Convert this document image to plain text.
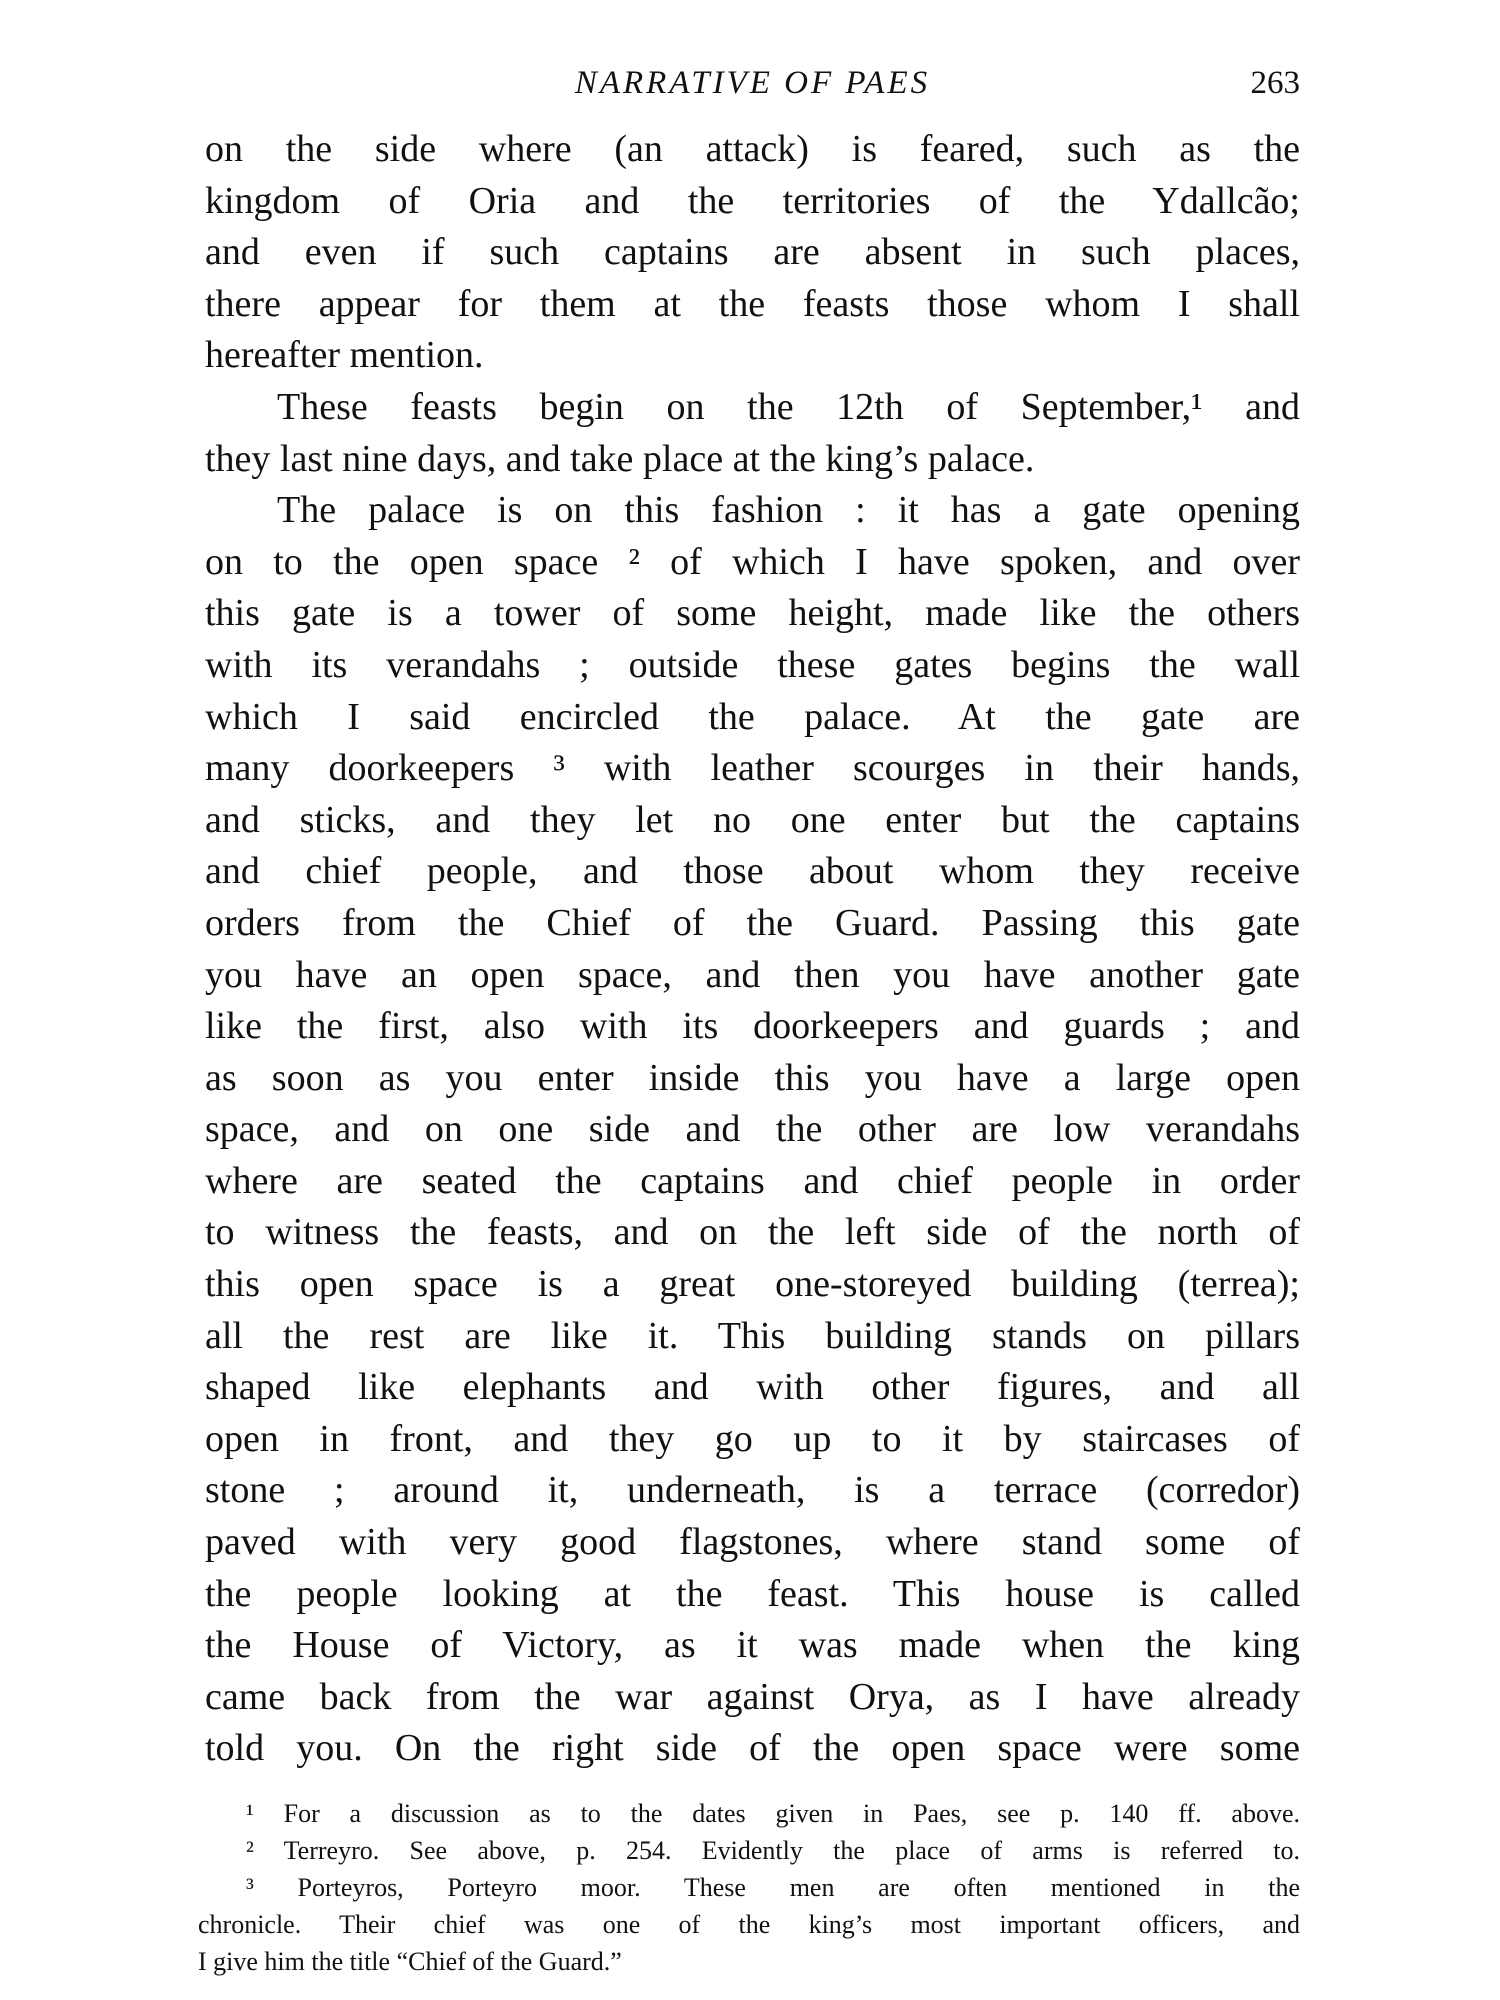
NARRATIVE OF PAES	263
on the side where (an attack) is feared, such as the
kingdom of Oria and the territories of the Ydallcão;
and even if such captains are absent in such places,
there appear for them at the feasts those whom I shall
hereafter mention.
These feasts begin on the 12th of September,¹ and
they last nine days, and take place at the king’s palace.
The palace is on this fashion : it has a gate opening
on to the open space ² of which I have spoken, and over
this gate is a tower of some height, made like the others
with its verandahs ; outside these gates begins the wall
which I said encircled the palace. At the gate are
many doorkeepers ³ with leather scourges in their hands,
and sticks, and they let no one enter but the captains
and chief people, and those about whom they receive
orders from the Chief of the Guard. Passing this gate
you have an open space, and then you have another gate
like the first, also with its doorkeepers and guards ; and
as soon as you enter inside this you have a large open
space, and on one side and the other are low verandahs
where are seated the captains and chief people in order
to witness the feasts, and on the left side of the north of
this open space is a great one-storeyed building (terrea);
all the rest are like it. This building stands on pillars
shaped like elephants and with other figures, and all
open in front, and they go up to it by staircases of
stone ; around it, underneath, is a terrace (corredor)
paved with very good flagstones, where stand some of
the people looking at the feast. This house is called
the House of Victory, as it was made when the king
came back from the war against Orya, as I have already
told you. On the right side of the open space were some
¹ For a discussion as to the dates given in Paes, see p. 140 ff. above.
² Terreyro. See above, p. 254. Evidently the place of arms is referred to.
³ Porteyros, Porteyro moor. These men are often mentioned in the
chronicle. Their chief was one of the king’s most important officers, and
I give him the title “Chief of the Guard.”
